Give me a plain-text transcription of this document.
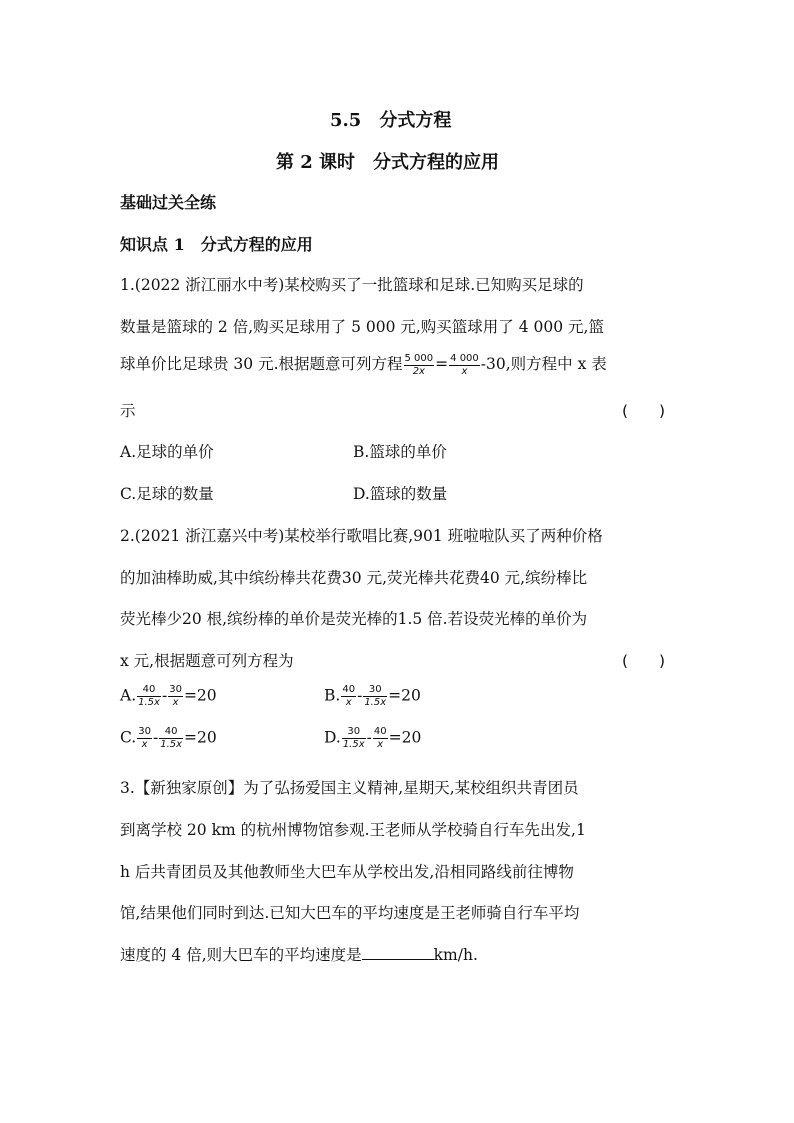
5.5　分式方程
第 2 课时　分式方程的应用
基础过关全练
知识点 1　分式方程的应用
1.(2022 浙江丽水中考)某校购买了一批篮球和足球.已知购买足球的
数量是篮球的 2 倍,购买足球用了 5 000 元,购买篮球用了 4 000 元,篮
球单价比足球贵 30 元.根据题意可列方程 $\frac{5 000}{2x} = \frac{4 000}{x} -30$,则方程中 x 表
示	(　　)
A.足球的单价	B.篮球的单价
C.足球的数量	D.篮球的数量
2.(2021 浙江嘉兴中考)某校举行歌唱比赛,901 班啦啦队买了两种价格
的加油棒助威,其中缤纷棒共花费30 元,荧光棒共花费40 元,缤纷棒比
荧光棒少20 根,缤纷棒的单价是荧光棒的1.5 倍.若设荧光棒的单价为
x 元,根据题意可列方程为	(　　)
A. $\frac{40}{1.5x} - \frac{30}{x} =20$	B. $\frac{40}{x} - \frac{30}{1.5x} =20$
C. $\frac{30}{x} - \frac{40}{1.5x} =20$	D. $\frac{30}{1.5x} - \frac{40}{x} =20$
3.【新独家原创】为了弘扬爱国主义精神,星期天,某校组织共青团员
到离学校 20 km 的杭州博物馆参观.王老师从学校骑自行车先出发,1
h 后共青团员及其他教师坐大巴车从学校出发,沿相同路线前往博物
馆,结果他们同时到达.已知大巴车的平均速度是王老师骑自行车平均
速度的 4 倍,则大巴车的平均速度是	km/h.
